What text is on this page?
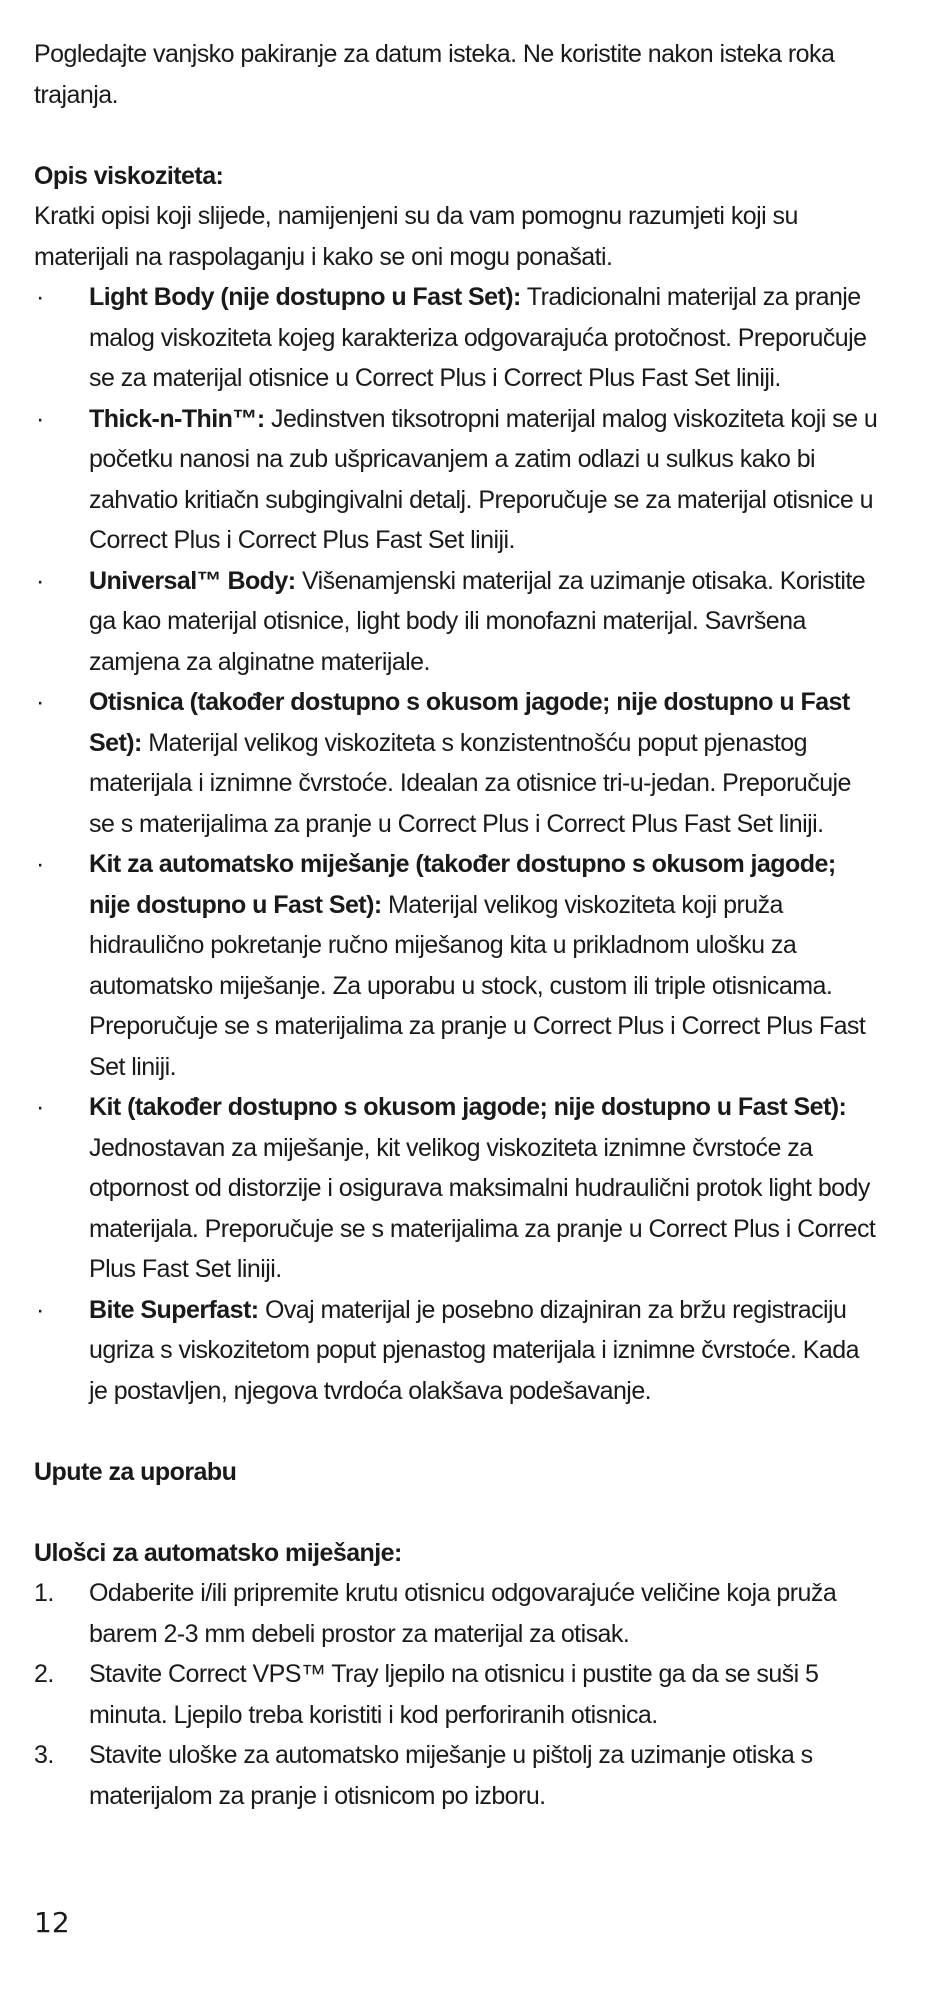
Pogledajte vanjsko pakiranje za datum isteka. Ne koristite nakon isteka roka trajanja.

Opis viskoziteta:

Kratki opisi koji slijede, namijenjeni su da vam pomognu razumjeti koji su materijali na raspolaganju i kako se oni mogu ponašati.

· Light Body (nije dostupno u Fast Set): Tradicionalni materijal za pranje malog viskoziteta kojeg karakteriza odgovarajuća protočnost. Preporučuje se za materijal otisnice u Correct Plus i Correct Plus Fast Set liniji.
· Thick-n-Thin™: Jedinstven tiksotropni materijal malog viskoziteta koji se u početku nanosi na zub ušpricavanjem a zatim odlazi u sulkus kako bi zahvatio kritiačn subgingivalni detalj. Preporučuje se za materijal otisnice u Correct Plus i Correct Plus Fast Set liniji.
· Universal™ Body: Višenamjenski materijal za uzimanje otisaka. Koristite ga kao materijal otisnice, light body ili monofazni materijal. Savršena zamjena za alginatne materijale.
· Otisnica (također dostupno s okusom jagode; nije dostupno u Fast Set): Materijal velikog viskoziteta s konzistentnošću poput pjenastog materijala i iznimne čvrstoće. Idealan za otisnice tri-u-jedan. Preporučuje se s materijalima za pranje u Correct Plus i Correct Plus Fast Set liniji.
· Kit za automatsko miješanje (također dostupno s okusom jagode; nije dostupno u Fast Set): Materijal velikog viskoziteta koji pruža hidraulično pokretanje ručno miješanog kita u prikladnom ulošku za automatsko miješanje. Za uporabu u stock, custom ili triple otisnicama. Preporučuje se s materijalima za pranje u Correct Plus i Correct Plus Fast Set liniji.
· Kit (također dostupno s okusom jagode; nije dostupno u Fast Set): Jednostavan za miješanje, kit velikog viskoziteta iznimne čvrstoće za otpornost od distorzije i osigurava maksimalni hudraulični protok light body materijala. Preporučuje se s materijalima za pranje u Correct Plus i Correct Plus Fast Set liniji.
· Bite Superfast: Ovaj materijal je posebno dizajniran za bržu registraciju ugriza s viskozitetom poput pjenastog materijala i iznimne čvrstoće. Kada je postavljen, njegova tvrdoća olakšava podešavanje.

Upute za uporabu

Ulošci za automatsko miješanje:

1. Odaberite i/ili pripremite krutu otisnicu odgovarajuće veličine koja pruža barem 2-3 mm debeli prostor za materijal za otisak.
2. Stavite Correct VPS™ Tray ljepilo na otisnicu i pustite ga da se suši 5 minuta. Ljepilo treba koristiti i kod perforiranih otisnica.
3. Stavite uloške za automatsko miješanje u pištolj za uzimanje otiska s materijalom za pranje i otisnicom po izboru.
12
